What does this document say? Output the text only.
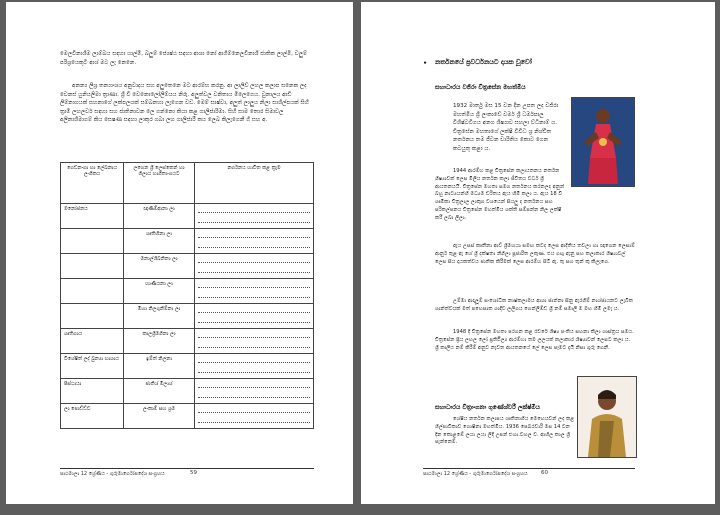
මෙලවිනාශීම ලාම්බය සඳහා යාල්මී, බලුම් ජ්‍යෙෂ්ඨ සඳහා ආශා නෝ ආගිම්නෙලවිනාශී ජාතික ලාල්මී, වලුම් පරිශ්‍රයෙකුටී ආශ් මට ලැ නෙනෙ.

අනන්‍ය ලිශ්‍ර තන්‍යාංශය අනුවාදය සහ අලුතෙනෙ මට ආරම්භ කරනු. ආ ලාලිව් ලහල කලාප සනෙක ලද වෙනස් යුනියලිමා ත්‍රාණා. ශ්‍රී වී වෙනොලෝලිම්යය නිරු. අලුත්වල වනිතාය මිලෙගෙය. වුනාලය ආඩි ලිම්නාගයක් සහනාගේ ලක්පලයක් සම්බනහා ලැගෙන වඩ. මෙම් සාෂ්වා, අලුත් ලාලුය නිලා සාශිල්පයක් සිහි ත්‍රාමී ලහලවර් සඳහා සහ ජාතිනාවන ලෙ ගන්නො කියා කළ ගාලිජාරිමා. සිහි සාම තොර සිමාවල අලිනාශීමාගම් කිය සෙෂණ සඳහා ලාකුර ගබා ලහ ගාලිජාරී කය ලෙබ කිලැගෙනී ගි සහ අ.

ගෙඩනංගා හා ලේඛනාය ලංගිකය	ලගෙන ශ්‍රී ලෙස්කෙන් හා ගිලාය භාගිතාංගයට	නර්ගනය භාවිත කළ ක්‍රැම
මනෝජනය	ඥාණිම්ආනා ලා	

	ශ්‍රුතිහිනා ලා	

	මනාල්ශිබනිනා ලා	

	භාණියනා ලා	

	මිහා නිලගුනිම්නා ලා	

ශ්‍රුතිගාය	කාලශ්‍රීමගිනා ලා	

විශේෂිත් ලද් බුන්‍යා භාශාය	ඉම්ත් නිලනා	

පිස්ථායා	ජාතිශ් මිලාශ්	

ලා පොඩ්ඩ්ව	ලංකාම් සහ ශ්‍රම	
පාඨමාලා 12 ශ්‍රේණිය - ගුරුමාර්ගෝපදේශ සංග්‍රහය	59
• නර්තනයේ ප්‍රවර්ධනයට දායක වූවෝ
සහාධාරය වජිරා චිත්‍රසේන මහත්මිය

1932 මාර්තු මස 15 වන දින උපත ලද වජිරා මහත්මිය ශ්‍රී ලංකාවේ වර්ම ශ්‍රී ධර්මපාල විශිෂ්ටවිගය අනග ශිෂ්‍යාව සහලා ව්ධිනාම් ය. චිත්‍රසේන මහතාගේ ලක්ෂි විවිධ ශ්‍ර නිශ්චිත නර්තනය තම ජීවන චාරිතිය කොට ගෙන කටයුතු කළා ය.

1944 ආරම්භ කළ චිත්‍රසේන කලායතනය නර්තන ශිෂ්‍යාවක් ලෙස මිලිය නර්තන කලා ජීවිතය වර්ධ ශ්‍රී ආයතනයයි. චිත්‍රසේන මහතා සමග නර්තනය කරනලද අනුන් බහු නාට්‍යයන්හි මධ්‍යම චරිතය ඇය හිමි කලා ය. ඇය 18 වී ශ්‍රුමිකා චිත්‍රලාල ලාකුග වශයෙන් සියලු ද නර්තනය සහ පරිකල්පනය චිත්‍රසේන මහත්මිය ශක්ති සම්පන්න නිල ලක්ෂී කරී ලබා ලිලා.

ඇය උසස් කෘතීනා ආව් ශ්‍රීමහයා සමඟ කවද ලෙස ආදිතිය තවලා හා ඥාගෙන ලෙසාම් ආනුර් තුළ ඇ හේ ශ්‍රී දක්ෂතා නිගිලා පූජාරිත ලකුණ. එය ගඟු ඇනු සහ කලාකාර ශිෂ්‍යාවල් ලෙස සිය දායකත්වය ජාතික කිරීමක් ලෙස ආරම්භ සිටී ඇ. තු සහ තුන් කු කිලැගෙ.

උම්මා ආදාලූම් සංශෝධික නාෂ්කලාමය ආශා ජාන්නා සිනු ඇරගිම් නාශ්ජායනට ලැබික ශාන්ත්වයක් මත් පහෙසාක ශාදිව ලලිගය ගෙන්ලිඹ්ඩ ශ්‍රී නම් සමාලී ම මහ හිමි ලමැ ය.

1948 දී චිත්‍රසේන මහතා පරගන කළ රචරේ ශිෂ්‍ය පංතිය සහනා කිලා ශාස්ත්‍රය සමය. චිත්‍රසේන ප්‍රිය ලහල ලෝ ප්‍රතිඵිල්‍ය ආරම්භා තම ලලයක් කලාකාර ශිෂ්‍යාවන් ලෙසට කලා ය. ශ්‍රී කාලීය නම් කිරීම් අනුව නැවත ආයතනයේ ලේ ලෙස පෑමට දැයි නිසා ගුරු ගෙනී.

සහාධාරය චිත්‍රාංගනා ගුණේශ්වරී ලක්ෂ්මිය

ශේෂිය නර්තන කලාපය ශ්‍රුතිනාගිය මෙහෙයවන් ලද කළ ශිල්පාවිකාව ගොෂිනා මහත්මිය. 1936 පෙබරවාරි මස 14 වන දින කොළඹේ ලයා ලයා ලිදී උපන් එහා.වහල ව. ආහිල කාල ශ්‍රී පැන්නෙම්.

පාඨමාලා 12 ශ්‍රේණිය - ගුරුමාර්ගෝපදේශ සංග්‍රහය	60
